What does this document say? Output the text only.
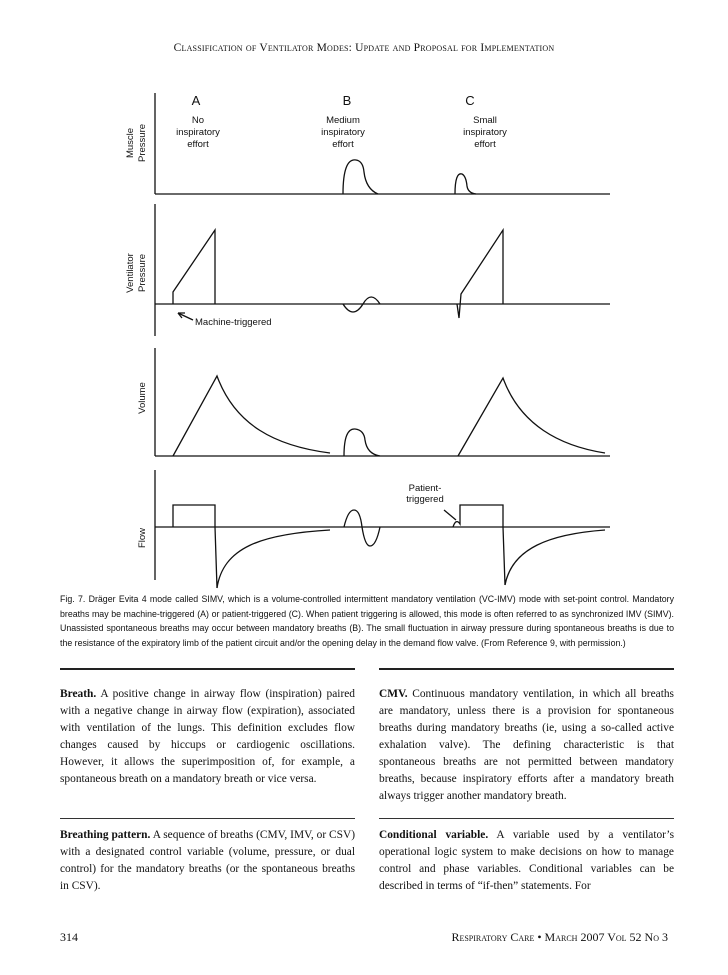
Classification of Ventilator Modes: Update and Proposal for Implementation
A	B	C
No
inspiratory
effort
Medium
inspiratory
effort
Small
inspiratory
effort
Muscle Pressure
Ventilator Pressure
Volume
Flow
Machine-triggered
Patient-
triggered
Fig. 7. Dräger Evita 4 mode called SIMV, which is a volume-controlled intermittent mandatory ventilation (VC-IMV) mode with set-point control. Mandatory breaths may be machine-triggered (A) or patient-triggered (C). When patient triggering is allowed, this mode is often referred to as synchronized IMV (SIMV). Unassisted spontaneous breaths may occur between mandatory breaths (B). The small fluctuation in airway pressure during spontaneous breaths is due to the resistance of the expiratory limb of the patient circuit and/or the opening delay in the demand flow valve. (From Reference 9, with permission.)
Breath. A positive change in airway flow (inspiration) paired with a negative change in airway flow (expiration), associated with ventilation of the lungs. This definition excludes flow changes caused by hiccups or cardiogenic oscillations. However, it allows the superimposition of, for example, a spontaneous breath on a mandatory breath or vice versa.
CMV. Continuous mandatory ventilation, in which all breaths are mandatory, unless there is a provision for spontaneous breaths during mandatory breaths (ie, using a so-called active exhalation valve). The defining characteristic is that spontaneous breaths are not permitted between mandatory breaths, because inspiratory efforts after a mandatory breath always trigger another mandatory breath.
Breathing pattern. A sequence of breaths (CMV, IMV, or CSV) with a designated control variable (volume, pressure, or dual control) for the mandatory breaths (or the spontaneous breaths in CSV).
Conditional variable. A variable used by a ventilator’s operational logic system to make decisions on how to manage control and phase variables. Conditional variables can be described in terms of “if-then” statements. For
314	Respiratory Care • March 2007 Vol 52 No 3
